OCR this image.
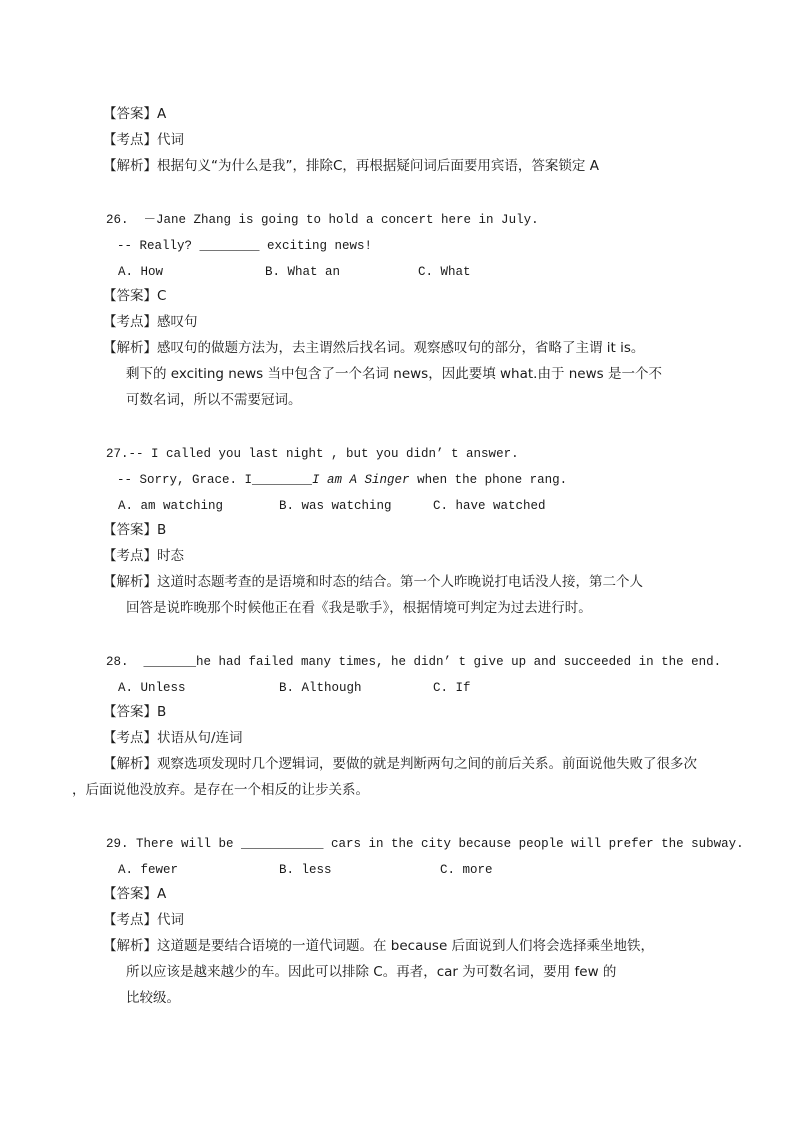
【答案】A
【考点】代词
【解析】根据句义“为什么是我”，排除C，再根据疑问词后面要用宾语，答案锁定 A
26.  －Jane Zhang is going to hold a concert here in July.
-- Really? ________ exciting news!
A. How	B. What an	C. What
【答案】C
【考点】感叹句
【解析】感叹句的做题方法为，去主谓然后找名词。观察感叹句的部分，省略了主谓 it is。
剩下的 exciting news 当中包含了一个名词 news，因此要填 what.由于 news 是一个不
可数名词，所以不需要冠词。
27.-- I called you last night , but you didn’ t answer.
-- Sorry, Grace. I________I am A Singer when the phone rang.
A. am watching	B. was watching	C. have watched
【答案】B
【考点】时态
【解析】这道时态题考查的是语境和时态的结合。第一个人昨晚说打电话没人接，第二个人
回答是说昨晚那个时候他正在看《我是歌手》，根据情境可判定为过去进行时。
28.  _______he had failed many times, he didn’ t give up and succeeded in the end.
A. Unless	B. Although	C. If
【答案】B
【考点】状语从句/连词
【解析】观察选项发现时几个逻辑词，要做的就是判断两句之间的前后关系。前面说他失败了很多次
，后面说他没放弃。是存在一个相反的让步关系。
29. There will be ___________ cars in the city because people will prefer the subway.
A. fewer	B. less	C. more
【答案】A
【考点】代词
【解析】这道题是要结合语境的一道代词题。在 because 后面说到人们将会选择乘坐地铁，
所以应该是越来越少的车。因此可以排除 C。再者，car 为可数名词，要用 few 的
比较级。
